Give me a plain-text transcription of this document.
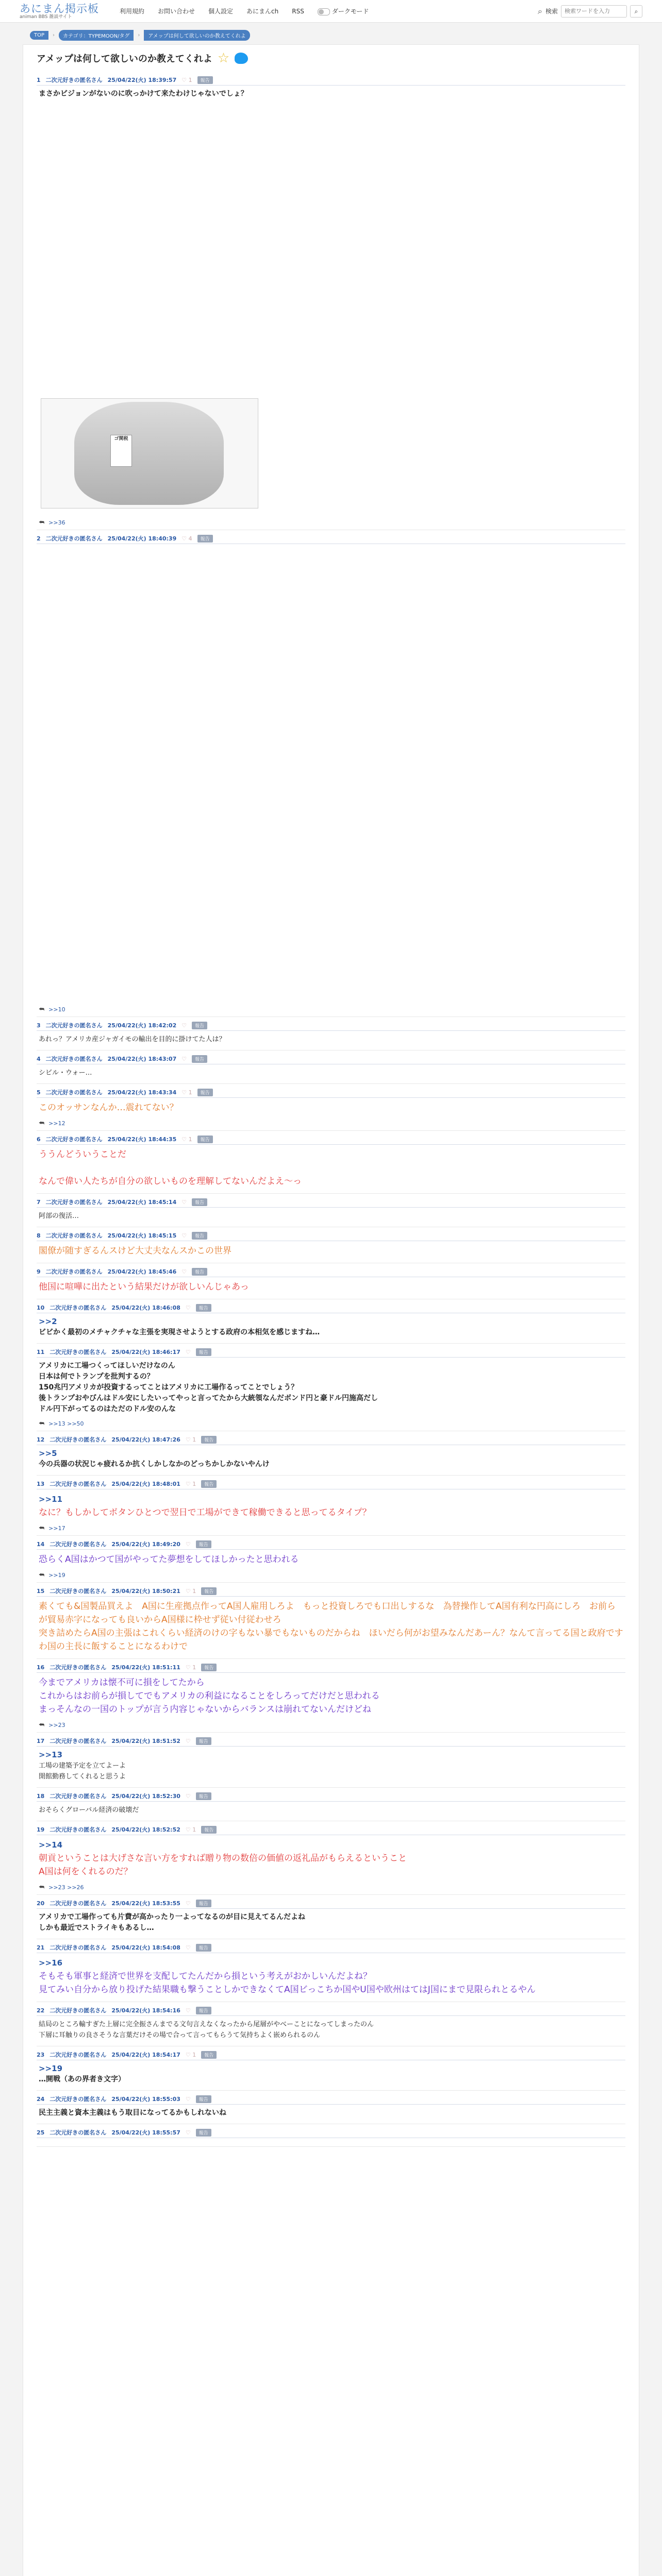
あにまん掲示板
animan BBS 雑談サイト
利用規約 お問い合わせ 個人設定 あにまんch RSS	ダークモード	⌕ 検索
検索ワードを入力	⌕
TOP	›	カテゴリ：TYPEMOON/タグ	›	アメップは何して欲しいのか教えてくれよ
アメップは何して欲しいのか教えてくれよ ☆
1 二次元好きの匿名さん 25/04/22(火) 18:39:57 ♡ 1	報告
まさかビジョンがないのに吹っかけて来たわけじゃないでしょ？
ゴ関税
⮪ >>36
2 二次元好きの匿名さん 25/04/22(火) 18:40:39 ♡ 4	報告
⮪ >>10
3 二次元好きの匿名さん 25/04/22(火) 18:42:02 ♡	報告
あれっ？アメリカ産ジャガイモの輸出を目的に掛けてた人は？
4 二次元好きの匿名さん 25/04/22(火) 18:43:07 ♡	報告
シビル・ウォー…
5 二次元好きの匿名さん 25/04/22(火) 18:43:34 ♡ 1	報告
このオッサンなんか…震れてない？
⮪ >>12
6 二次元好きの匿名さん 25/04/22(火) 18:44:35 ♡ 1	報告
ううんどういうことだ

なんで偉い人たちが自分の欲しいものを理解してないんだよえ～っ
7 二次元好きの匿名さん 25/04/22(火) 18:45:14 ♡	報告
阿部の復活…
8 二次元好きの匿名さん 25/04/22(火) 18:45:15 ♡	報告
閣僚が随すぎるんスけど大丈夫なんスかこの世界
9 二次元好きの匿名さん 25/04/22(火) 18:45:46 ♡	報告
他国に喧嘩に出たという結果だけが欲しいんじゃあっ
10 二次元好きの匿名さん 25/04/22(火) 18:46:08 ♡	報告
>>2
ビビかく最初のメチャクチャな主張を実現させようとする政府の本相気を感じますね…
11 二次元好きの匿名さん 25/04/22(火) 18:46:17 ♡	報告
アメリカに工場つくってほしいだけなのん
日本は何でトランプを批判するの？
150兆円アメリカが投資するってことはアメリカに工場作るってことでしょう？
後トランプおやびんはドル安にしたいってやっと言ってたから大統領なんだボンド円と豪ドル円施高だし
ドル円下がってるのはただのドル安のんな
⮪ >>13 >>50
12 二次元好きの匿名さん 25/04/22(火) 18:47:26 ♡ 1	報告
>>5
今の兵器の状況じゃ疲れるか抗くしかしなかのどっちかしかないやんけ
13 二次元好きの匿名さん 25/04/22(火) 18:48:01 ♡ 1	報告
>>11
なに？もしかしてボタンひとつで翌日で工場ができて稼働できると思ってるタイプ？
⮪ >>17
14 二次元好きの匿名さん 25/04/22(火) 18:49:20 ♡	報告
恐らくA国はかつて国がやってた夢想をしてほしかったと思われる
⮪ >>19
15 二次元好きの匿名さん 25/04/22(火) 18:50:21 ♡ 1	報告
素くても&国製品買えよ　A国に生産拠点作ってA国人雇用しろよ　もっと投資しろでも口出しするな　為替操作してA国有利な円高にしろ　お前らが貿易赤字になっても良いからA国様に枠せず従い付従わせろ
突き詰めたらA国の主張はこれくらい経済のけの字もない暴でもないものだからね　ほいだら何がお望みなんだあーん？なんて言ってる国と政府ですわ国の主長に飯することになるわけで
16 二次元好きの匿名さん 25/04/22(火) 18:51:11 ♡ 1	報告
今までアメリカは懐不可に損をしてたから
これからはお前らが損してでもアメリカの利益になることをしろってだけだと思われる
まっそんなの一国のトップが言う内容じゃないからバランスは崩れてないんだけどね
⮪ >>23
17 二次元好きの匿名さん 25/04/22(火) 18:51:52 ♡	報告
>>13
工場の建築予定を立てよーよ
開館勤務してくれると思うよ
18 二次元好きの匿名さん 25/04/22(火) 18:52:30 ♡	報告
おそらくグローバル経済の破壊だ
19 二次元好きの匿名さん 25/04/22(火) 18:52:52 ♡ 1	報告
>>14
朝貢ということは大げさな言い方をすれば贈り物の数倍の価値の返礼品がもらえるということ
A国は何をくれるのだ？
⮪ >>23 >>26
20 二次元好きの匿名さん 25/04/22(火) 18:53:55 ♡	報告
アメリカで工場作っても片費が高かったり一よってなるのが目に見えてるんだよね
しかも最近でストライキもあるし…
21 二次元好きの匿名さん 25/04/22(火) 18:54:08 ♡	報告
>>16
そもそも軍事と経済で世界を支配してたんだから損という考えがおかしいんだよね？
見てみい自分から放り投げた結果職も撃うことしかできなくてA国ビっこちか国やU国や欧州はてはJ国にまで見限られとるやん
22 二次元好きの匿名さん 25/04/22(火) 18:54:16 ♡	報告
結局のところ輸すぎた上層に完全振さんまでる文句言えなくなったから尾層がやべーことになってしまったのん
下層に耳触りの良さそうな言葉だけその場で合って言ってもらうて気持ちよく嵌められるのん
23 二次元好きの匿名さん 25/04/22(火) 18:54:17 ♡ 1	報告
>>19
…開戦（あの界者き文字）
24 二次元好きの匿名さん 25/04/22(火) 18:55:03 ♡	報告
民主主義と資本主義はもう取目になってるかもしれないね
25 二次元好きの匿名さん 25/04/22(火) 18:55:57 ♡	報告
